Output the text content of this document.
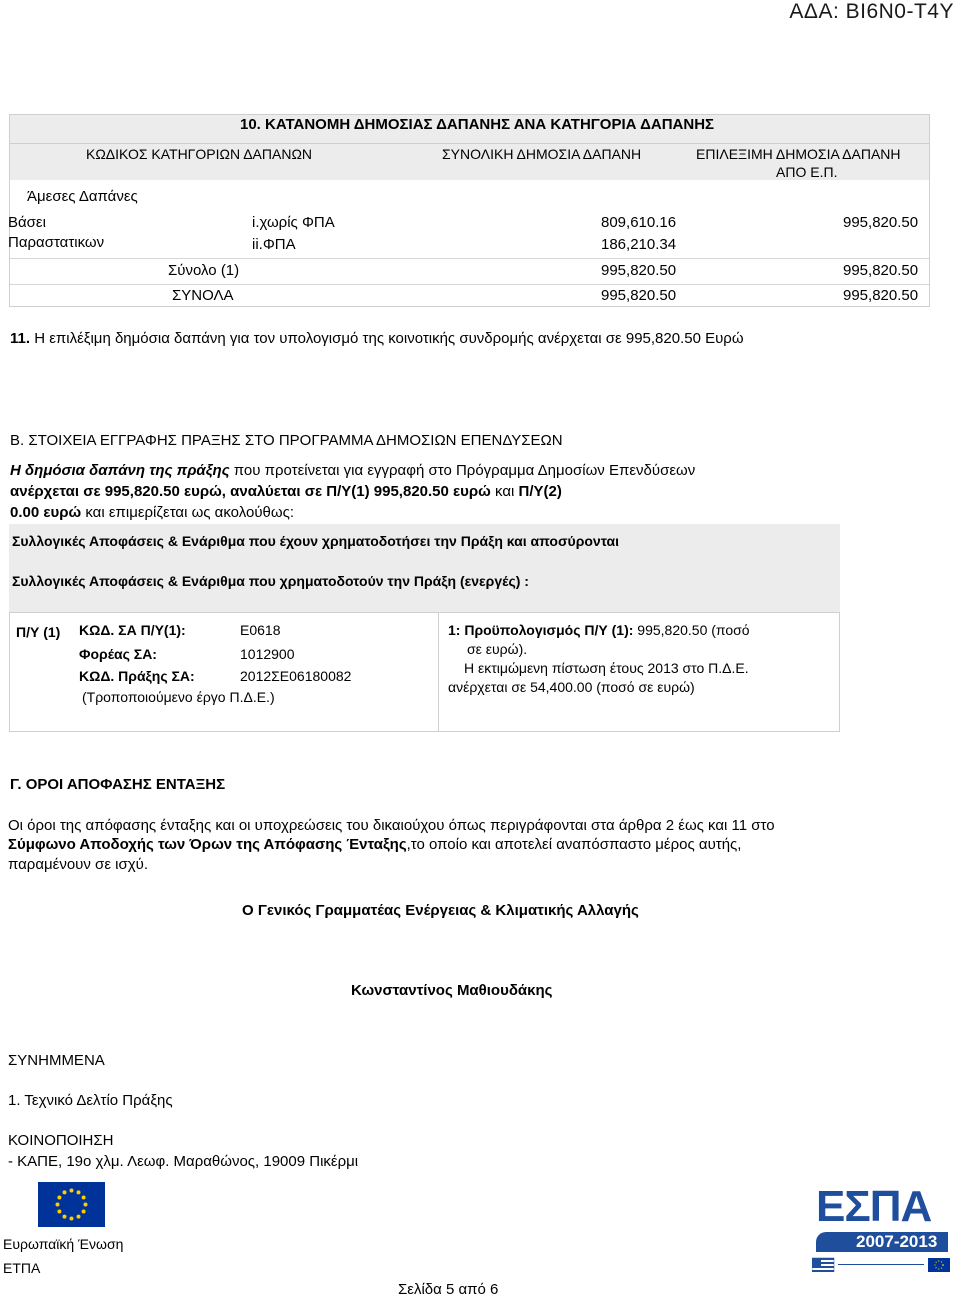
ΑΔΑ: ΒΙ6Ν0-Τ4Υ
10. ΚΑΤΑΝΟΜΗ ΔΗΜΟΣΙΑΣ ΔΑΠΑΝΗΣ ΑΝΑ ΚΑΤΗΓΟΡΙΑ ΔΑΠΑΝΗΣ
ΚΩΔΙΚΟΣ ΚΑΤΗΓΟΡΙΩΝ ΔΑΠΑΝΩΝ	ΣΥΝΟΛΙΚΗ ΔΗΜΟΣΙΑ ΔΑΠΑΝΗ	ΕΠΙΛΕΞΙΜΗ ΔΗΜΟΣΙΑ ΔΑΠΑΝΗ
ΑΠΟ Ε.Π.
Άμεσες Δαπάνες
Βάσει
Παραστατικων
i.χωρίς ΦΠΑ	809,610.16	995,820.50
ii.ΦΠΑ	186,210.34
Σύνολο (1)	995,820.50	995,820.50
ΣΥΝΟΛΑ	995,820.50	995,820.50
11. Η επιλέξιμη δημόσια δαπάνη για τον υπολογισμό της κοινοτικής συνδρομής ανέρχεται σε 995,820.50 Ευρώ
Β. ΣΤΟΙΧΕΙΑ ΕΓΓΡΑΦΗΣ ΠΡΑΞΗΣ ΣΤΟ ΠΡΟΓΡΑΜΜΑ ΔΗΜΟΣΙΩΝ ΕΠΕΝΔΥΣΕΩΝ
Η δημόσια δαπάνη της πράξης που προτείνεται για εγγραφή στο Πρόγραμμα Δημοσίων Επενδύσεων
ανέρχεται σε 995,820.50 ευρώ, αναλύεται σε Π/Υ(1) 995,820.50 ευρώ και Π/Υ(2)
0.00 ευρώ και επιμερίζεται ως ακολούθως:
Συλλογικές Αποφάσεις & Ενάριθμα που έχουν χρηματοδοτήσει την Πράξη και αποσύρονται
Συλλογικές Αποφάσεις & Ενάριθμα που χρηματοδοτούν την Πράξη (ενεργές) :
Π/Υ (1) ΚΩΔ. ΣΑ Π/Υ(1):	Ε0618
Φορέας ΣΑ:	1012900
ΚΩΔ. Πράξης ΣΑ:	2012ΣΕ06180082
(Τροποποιούμενο έργο Π.Δ.Ε.)
1: Προϋπολογισμός Π/Υ (1): 995,820.50 (ποσό
σε ευρώ).
Η εκτιμώμενη πίστωση έτους 2013 στο Π.Δ.Ε.
ανέρχεται σε 54,400.00 (ποσό σε ευρώ)
Γ. ΟΡΟΙ ΑΠΟΦΑΣΗΣ ΕΝΤΑΞΗΣ
Οι όροι της απόφασης ένταξης και οι υποχρεώσεις του δικαιούχου όπως περιγράφονται στα άρθρα 2 έως και 11 στο
Σύμφωνο Αποδοχής των Όρων της Απόφασης Ένταξης,το οποίο και αποτελεί αναπόσπαστο μέρος αυτής,
παραμένουν σε ισχύ.
Ο Γενικός Γραμματέας Ενέργειας & Κλιματικής Αλλαγής
Κωνσταντίνος Μαθιουδάκης
ΣΥΝΗΜΜΕΝΑ
1. Τεχνικό Δελτίο Πράξης
ΚΟΙΝΟΠΟΙΗΣΗ
- ΚΑΠΕ, 19ο χλμ. Λεωφ. Μαραθώνος, 19009 Πικέρμι
Ευρωπαϊκή Ένωση
ΕΤΠΑ
Σελίδα 5 από 6
ΕΣΠΑ
2007-2013
